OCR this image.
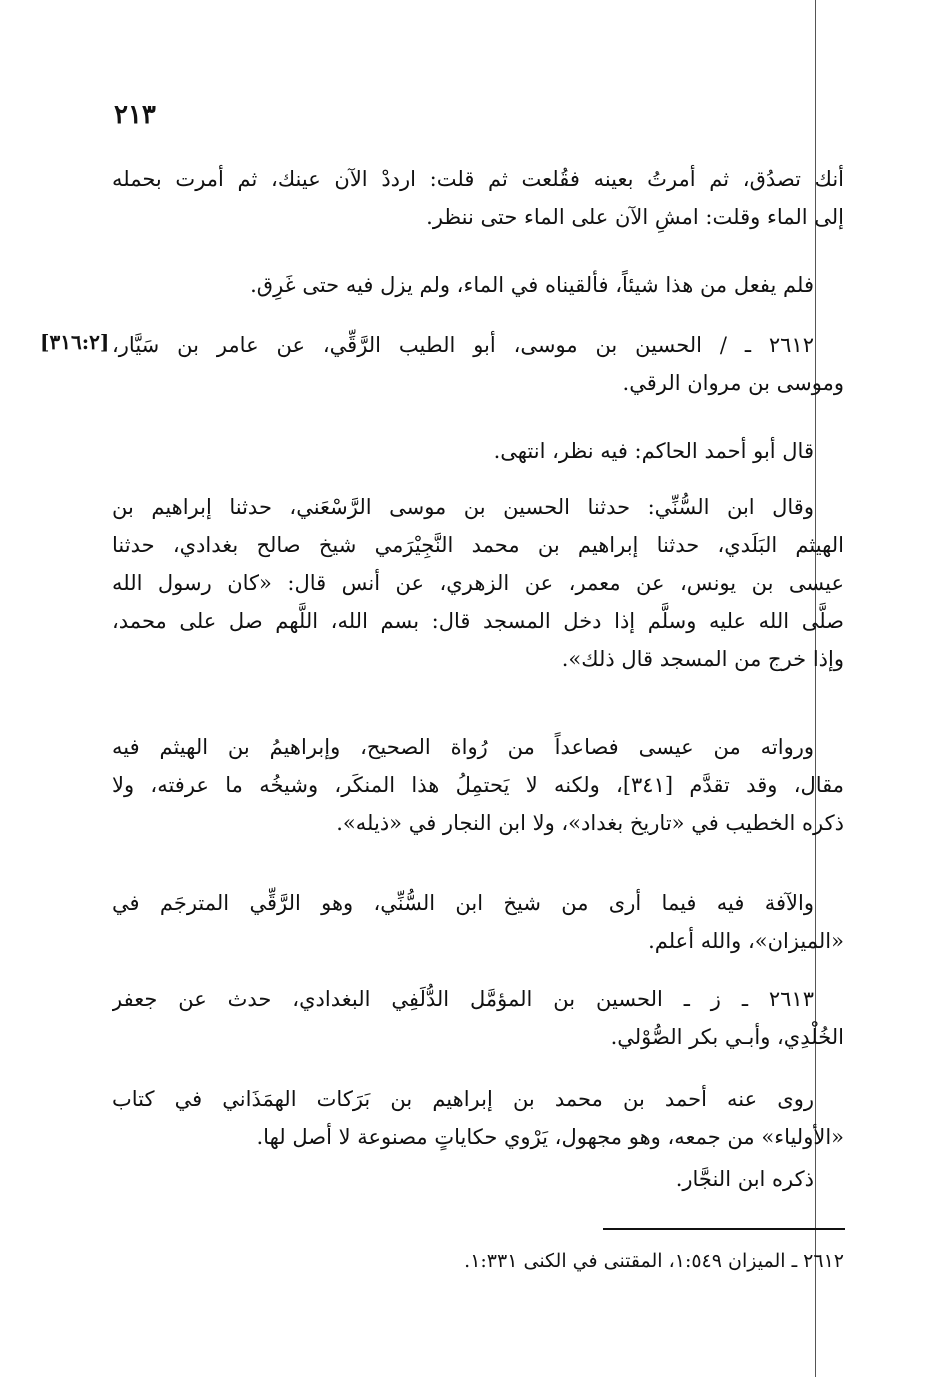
٢١٣
[٣١٦:٢]
أنك تصدُق، ثم أمرتُ بعينه فقُلعت ثم قلت: ارددْ الآن عينك، ثم أمرت بحمله
إلى الماء وقلت: امشِ الآن على الماء حتى ننظر.
فلم يفعل من هذا شيئاً، فألقيناه في الماء، ولم يزل فيه حتى غَرِق.
٢٦١٢ ـ / الحسين بن موسى، أبو الطيب الرَّقِّي، عن عامر بن سَيَّار،
وموسى بن مروان الرقي.
قال أبو أحمد الحاكم: فيه نظر، انتهى.
وقال ابن السُّنِّي: حدثنا الحسين بن موسى الرَّسْعَني، حدثنا إبراهيم بن
الهيثم البَلَدي، حدثنا إبراهيم بن محمد النَّجِيْرَمي شيخ صالح بغدادي، حدثنا
عيسى بن يونس، عن معمر، عن الزهري، عن أنس قال: «كان رسول الله
صلَّى الله عليه وسلَّم إذا دخل المسجد قال: بسم الله، اللَّهم صل على محمد،
وإذا خرج من المسجد قال ذلك».
ورواته من عيسى فصاعداً من رُواة الصحيح، وإبراهيمُ بن الهيثم فيه
مقال، وقد تقدَّم [٣٤١]، ولكنه لا يَحتمِلُ هذا المنكَر، وشيخُه ما عرفته، ولا
ذكره الخطيب في «تاريخ بغداد»، ولا ابن النجار في «ذيله».
والآفة فيه فيما أرى من شيخ ابن السُّنِّي، وهو الرَّقِّي المترجَم في
«الميزان»، والله أعلم.
٢٦١٣ ـ ز ـ الحسين بن المؤمَّل الدُّلَفِي البغدادي، حدث عن جعفر
الخُلْدِي، وأبـي بكر الصُّوْلي.
روى عنه أحمد بن محمد بن إبراهيم بن بَرَكات الهمَذَاني في كتاب
«الأولياء» من جمعه، وهو مجهول، يَرْوي حكاياتٍ مصنوعة لا أصل لها.
ذكره ابن النجَّار.
٢٦١٢ ـ الميزان ١:٥٤٩، المقتنى في الكنى ١:٣٣١.
